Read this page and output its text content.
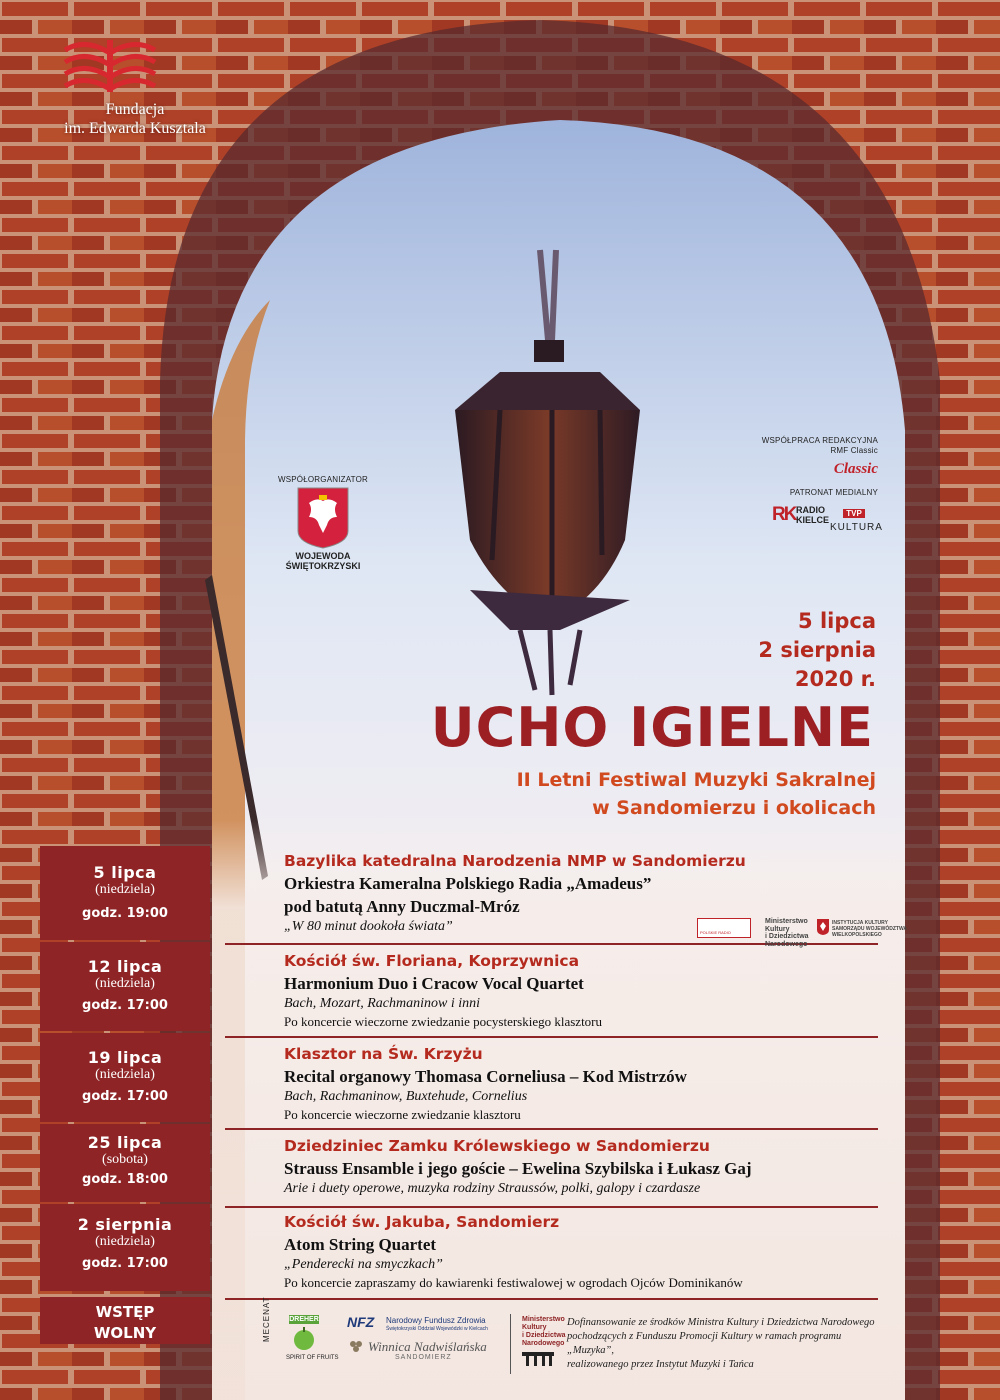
Fundacja
im. Edwarda Kusztala
WSPÓŁORGANIZATOR
WOJEWODA
ŚWIĘTOKRZYSKI
WSPÓŁPRACA REDAKCYJNA
RMF Classic
Classic
PATRONAT MEDIALNY
RK RADIO
KIELCE
TVP
KULTURA
5 lipca
2 sierpnia
2020 r.
UCHO IGIELNE
II Letni Festiwal Muzyki Sakralnej
w Sandomierzu i okolicach
5 lipca
(niedziela)
godz. 19:00
12 lipca
(niedziela)
godz. 17:00
19 lipca
(niedziela)
godz. 17:00
25 lipca
(sobota)
godz. 18:00
2 sierpnia
(niedziela)
godz. 17:00
WSTĘP
WOLNY
Bazylika katedralna Narodzenia NMP w Sandomierzu
Orkiestra Kameralna Polskiego Radia „Amadeus”
pod batutą Anny Duczmal-Mróz
„W 80 minut dookoła świata”
Kościół św. Floriana, Koprzywnica
Harmonium Duo i Cracow Vocal Quartet
Bach, Mozart, Rachmaninow i inni
Po koncercie wieczorne zwiedzanie pocysterskiego klasztoru
Klasztor na Św. Krzyżu
Recital organowy Thomasa Corneliusa – Kod Mistrzów
Bach, Rachmaninow, Buxtehude, Cornelius
Po koncercie wieczorne zwiedzanie klasztoru
Dziedziniec Zamku Królewskiego w Sandomierzu
Strauss Ensamble i jego goście – Ewelina Szybilska i Łukasz Gaj
Arie i duety operowe, muzyka rodziny Straussów, polki, galopy i czardasze
Kościół św. Jakuba, Sandomierz
Atom String Quartet
„Penderecki na smyczkach”
Po koncercie zapraszamy do kawiarenki festiwalowej w ogrodach Ojców Dominikanów
POLSKIE RADIO
Ministerstwo
Kultury
i Dziedzictwa
Narodowego
INSTYTUCJA KULTURY
SAMORZĄDU WOJEWÓDZTWA
WIELKOPOLSKIEGO
MECENAT	DREHER
SPIRIT OF FRUITS
NFZ Narodowy Fundusz Zdrowia
Świętokrzyski Oddział Wojewódzki w Kielcach
Winnica Nadwiślańska
SANDOMIERZ
Ministerstwo
Kultury
i Dziedzictwa
Narodowego
Dofinansowanie ze środków Ministra Kultury i Dziedzictwa Narodowego
pochodzących z Funduszu Promocji Kultury w ramach programu „Muzyka”,
realizowanego przez Instytut Muzyki i Tańca
